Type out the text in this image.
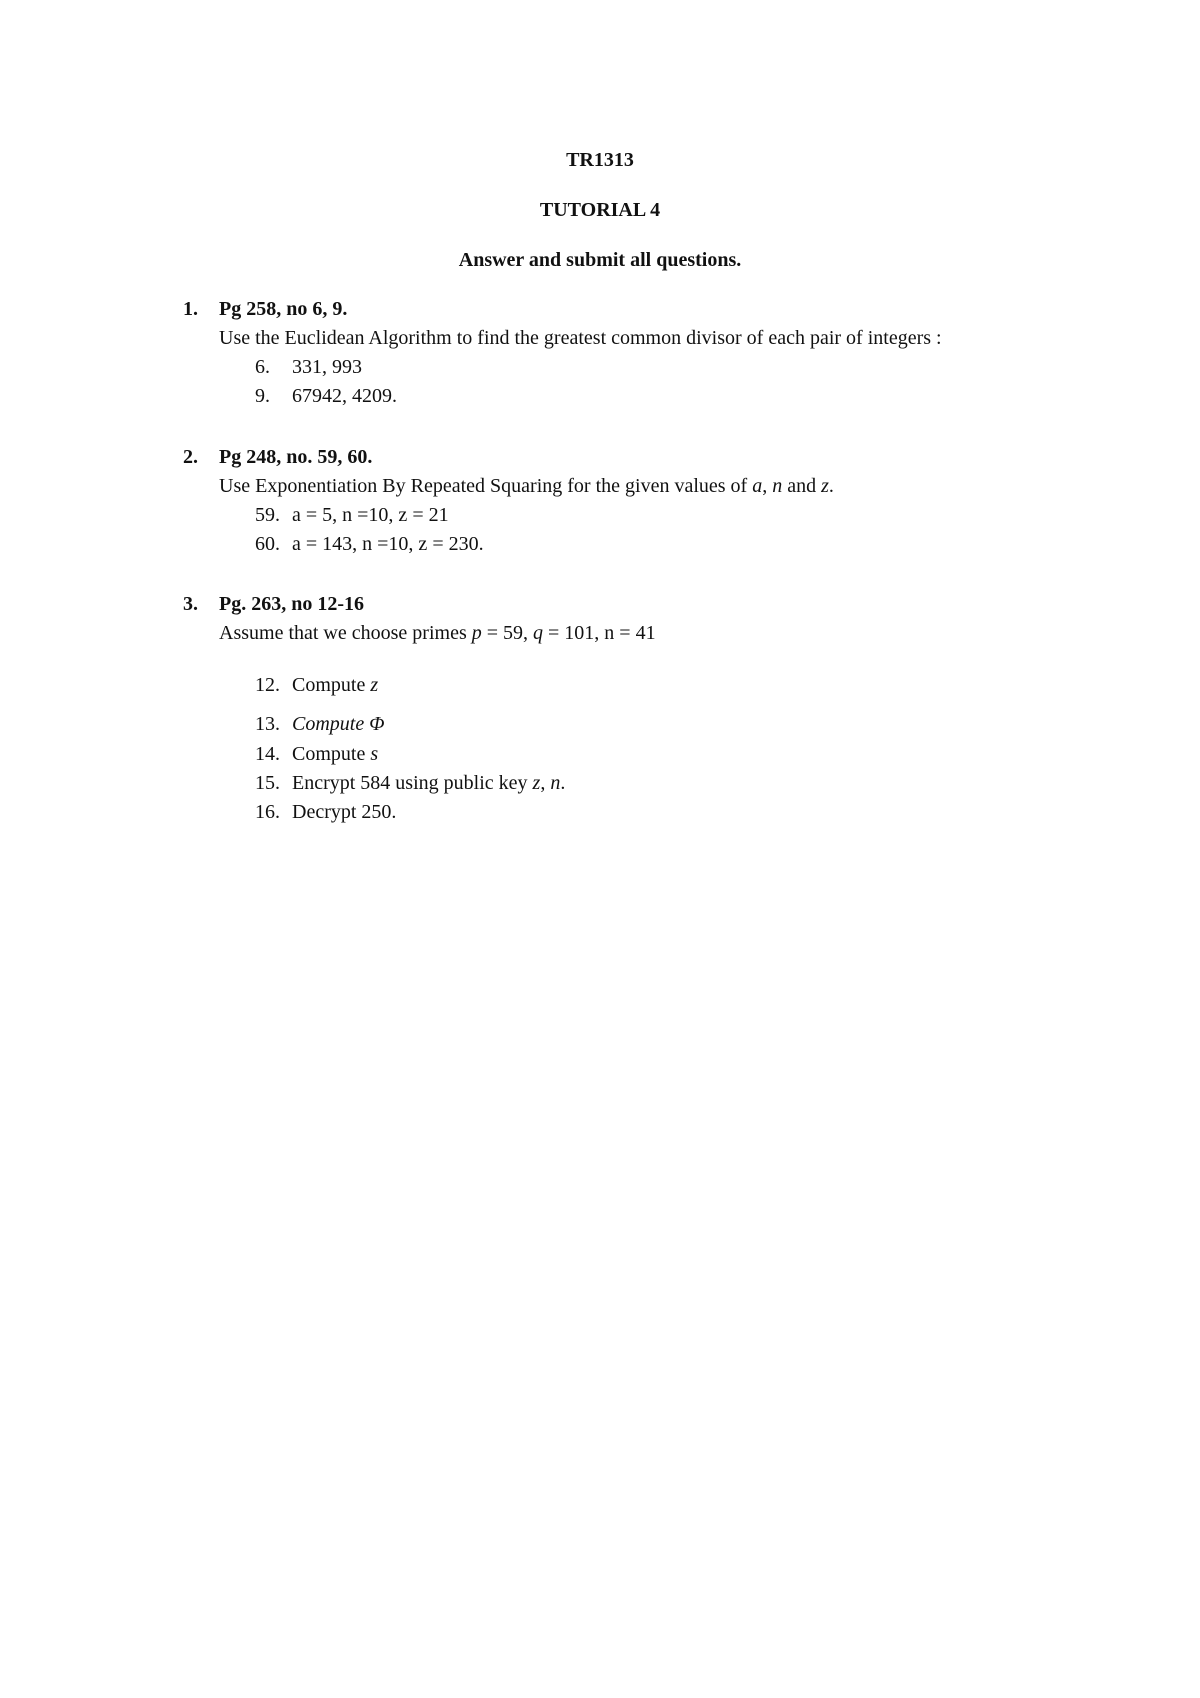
TR1313
TUTORIAL 4
Answer and submit all questions.
1. Pg 258, no 6, 9.
Use the Euclidean Algorithm to find the greatest common divisor of each pair of integers :
6. 331, 993
9. 67942, 4209.
2. Pg 248, no. 59, 60.
Use Exponentiation By Repeated Squaring for the given values of a, n and z.
59. a = 5, n =10, z = 21
60. a = 143, n =10, z = 230.
3. Pg. 263, no 12-16
Assume that we choose primes p = 59, q = 101, n = 41
12. Compute z
13. Compute Φ
14. Compute s
15. Encrypt 584 using public key z, n.
16. Decrypt 250.
